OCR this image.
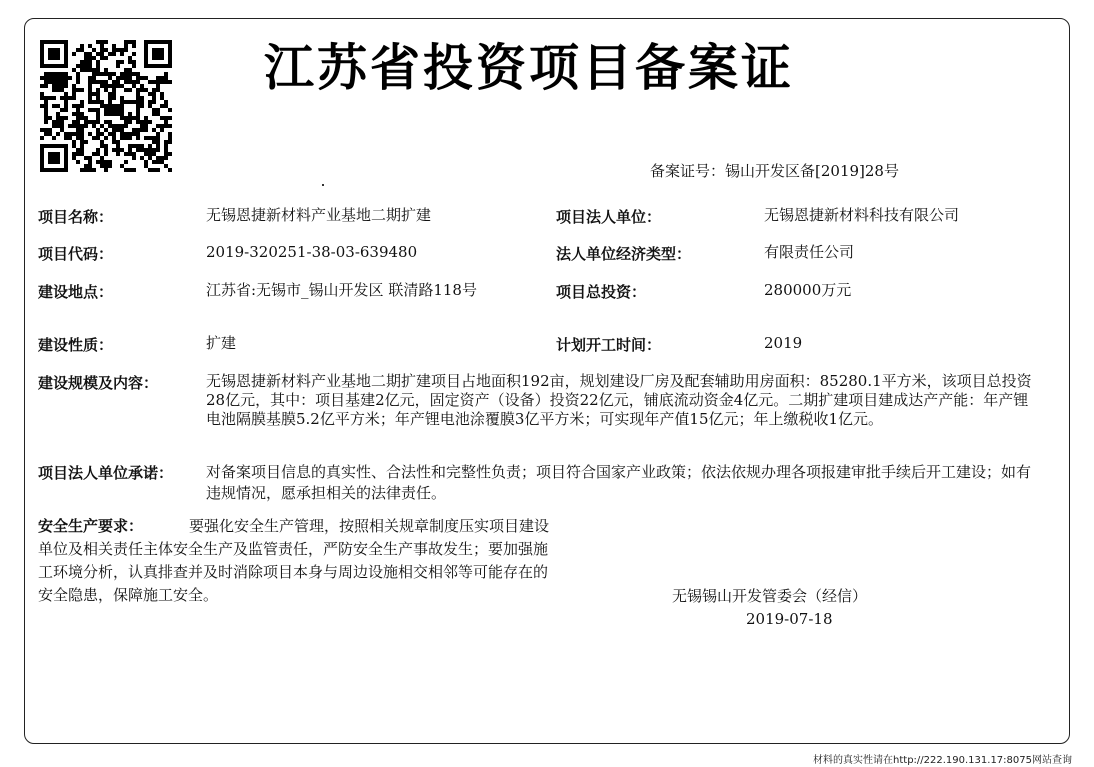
江苏省投资项目备案证
备案证号：锡山开发区备[2019]28号
项目名称：	无锡恩捷新材料产业基地二期扩建	项目法人单位：	无锡恩捷新材料科技有限公司
项目代码：	2019-320251-38-03-639480	法人单位经济类型：	有限责任公司
建设地点：	江苏省:无锡市_锡山开发区 联清路118号	项目总投资：	280000万元
建设性质：	扩建	计划开工时间：	2019
建设规模及内容：	无锡恩捷新材料产业基地二期扩建项目占地面积192亩，规划建设厂房及配套辅助用房面积：85280.1平方米，该项目总投资28亿元，其中：项目基建2亿元，固定资产（设备）投资22亿元，铺底流动资金4亿元。二期扩建项目建成达产产能：年产锂电池隔膜基膜5.2亿平方米；年产锂电池涂覆膜3亿平方米；可实现年产值15亿元；年上缴税收1亿元。
项目法人单位承诺： 对备案项目信息的真实性、合法性和完整性负责；项目符合国家产业政策；依法依规办理各项报建审批手续后开工建设；如有违规情况，愿承担相关的法律责任。
安全生产要求：	要强化安全生产管理，按照相关规章制度压实项目建设单位及相关责任主体安全生产及监管责任，严防安全生产事故发生；要加强施工环境分析，认真排查并及时消除项目本身与周边设施相交相邻等可能存在的安全隐患，保障施工安全。	无锡锡山开发管委会（经信）
2019-07-18
材料的真实性请在http://222.190.131.17:8075网站查询
